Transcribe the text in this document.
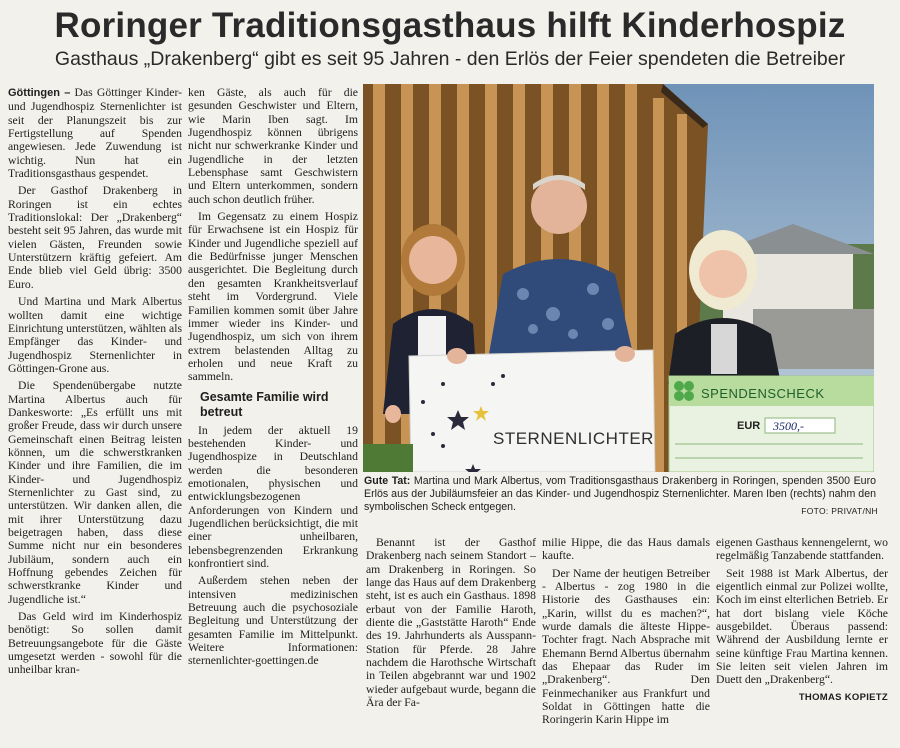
Roringer Traditionsgasthaus hilft Kinderhospiz
Gasthaus „Drakenberg“ gibt es seit 95 Jahren - den Erlös der Feier spendeten die Betreiber

Göttingen – Das Göttinger Kinder- und Jugendhospiz Sternenlichter ist seit der Planungszeit bis zur Fertigstellung auf Spenden angewiesen. Jede Zuwendung ist wichtig. Nun hat ein Traditionsgasthaus gespendet.

Der Gasthof Drakenberg in Roringen ist ein echtes Traditionslokal: Der „Drakenberg“ besteht seit 95 Jahren, das wurde mit vielen Gästen, Freunden sowie Unterstützern kräftig gefeiert. Am Ende blieb viel Geld übrig: 3500 Euro.

Und Martina und Mark Albertus wollten damit eine wichtige Einrichtung unterstützen, wählten als Empfänger das Kinder- und Jugendhospiz Sternenlichter in Göttingen-Grone aus.

Die Spendenübergabe nutzte Martina Albertus auch für Dankesworte: „Es erfüllt uns mit großer Freude, dass wir durch unsere Gemeinschaft einen Beitrag leisten können, um die schwerstkranken Kinder und ihre Familien, die im Kinder- und Jugendhospiz Sternenlichter zu Gast sind, zu unterstützen. Wir danken allen, die mit ihrer Unterstützung dazu beigetragen haben, dass diese Summe nicht nur ein besonderes Jubiläum, sondern auch ein Hoffnung gebendes Zeichen für schwerstkranke Kinder und Jugendliche ist.“

Das Geld wird im Kinderhospiz benötigt: So sollen damit Betreuungsangebote für die Gäste umgesetzt werden - sowohl für die unheilbar kran-

ken Gäste, als auch für die gesunden Geschwister und Eltern, wie Marin Iben sagt. Im Jugendhospiz können übrigens nicht nur schwerkranke Kinder und Jugendliche in der letzten Lebensphase samt Geschwistern und Eltern unterkommen, sondern auch schon deutlich früher.

Im Gegensatz zu einem Hospiz für Erwachsene ist ein Hospiz für Kinder und Jugendliche speziell auf die Bedürfnisse junger Menschen ausgerichtet. Die Begleitung durch den gesamten Krankheitsverlauf steht im Vordergrund. Viele Familien kommen somit über Jahre immer wieder ins Kinder- und Jugendhospiz, um sich von ihrem extrem belastenden Alltag zu erholen und neue Kraft zu sammeln.

Gesamte Familie wird betreut

In jedem der aktuell 19 bestehenden Kinder- und Jugendhospize in Deutschland werden die besonderen emotionalen, physischen und entwicklungsbezogenen Anforderungen von Kindern und Jugendlichen berücksichtigt, die mit einer unheilbaren, lebensbegrenzenden Erkrankung konfrontiert sind.

Außerdem stehen neben der intensiven medizinischen Betreuung auch die psychosoziale Begleitung und Unterstützung der gesamten Familie im Mittelpunkt. Weitere Informationen: sternenlichter-goettingen.de

STERNENLICHTER
SPENDENSCHECK
EUR 3500,-
Gute Tat: Martina und Mark Albertus, vom Traditionsgasthaus Drakenberg in Roringen, spenden 3500 Euro Erlös aus der Jubiläumsfeier an das Kinder- und Jugendhospiz Sternenlichter. Maren Iben (rechts) nahm den symbolischen Scheck entgegen.	FOTO: PRIVAT/NH

Benannt ist der Gasthof Drakenberg nach seinem Standort – am Drakenberg in Roringen. So lange das Haus auf dem Drakenberg steht, ist es auch ein Gasthaus. 1898 erbaut von der Familie Haroth, diente die „Gaststätte Haroth“ Ende des 19. Jahrhunderts als Ausspann-Station für Pferde. 28 Jahre nachdem die Harothsche Wirtschaft in Teilen abgebrannt war und 1902 wieder aufgebaut wurde, begann die Ära der Fa-

milie Hippe, die das Haus damals kaufte.

Der Name der heutigen Betreiber - Albertus - zog 1980 in die Historie des Gasthauses ein: „Karin, willst du es machen?“, wurde damals die älteste Hippe-Tochter fragt. Nach Absprache mit Ehemann Bernd Albertus übernahm das Ehepaar das Ruder im „Drakenberg“. Den Feinmechaniker aus Frankfurt und Soldat in Göttingen hatte die Roringerin Karin Hippe im

eigenen Gasthaus kennengelernt, wo regelmäßig Tanzabende stattfanden.

Seit 1988 ist Mark Albertus, der eigentlich einmal zur Polizei wollte, Koch im einst elterlichen Betrieb. Er hat dort bislang viele Köche ausgebildet. Überaus passend: Während der Ausbildung lernte er seine künftige Frau Martina kennen. Sie leiten seit vielen Jahren im Duett den „Drakenberg“.

THOMAS KOPIETZ
